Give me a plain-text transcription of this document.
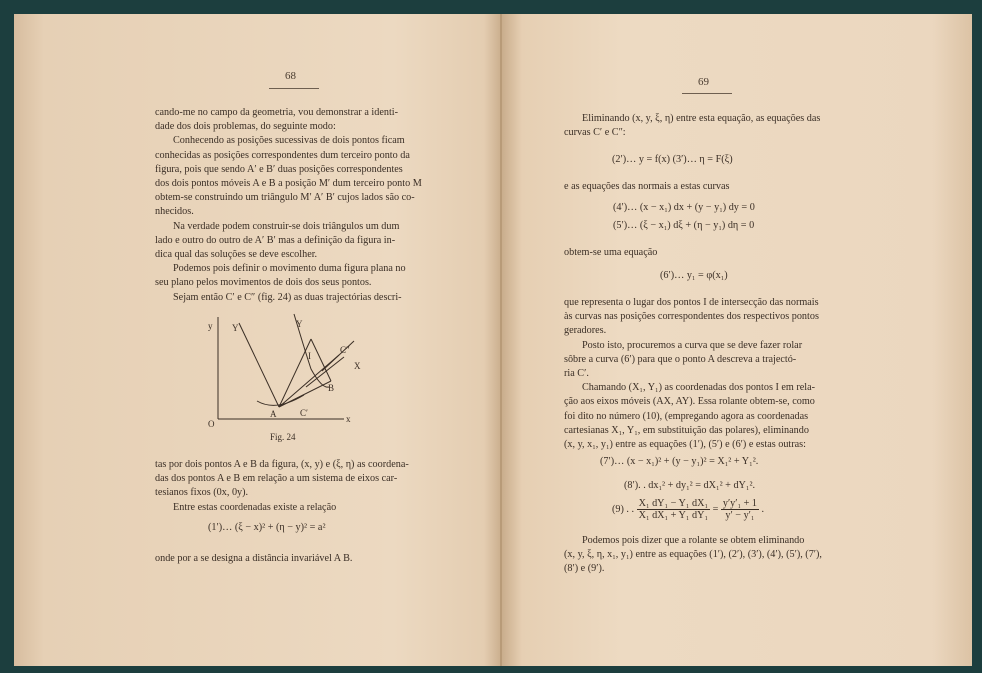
68
cando-me no campo da geometria, vou demonstrar a identi-
dade dos dois problemas, do seguinte modo:
Conhecendo as posições sucessivas de dois pontos ficam
conhecidas as posições correspondentes dum terceiro ponto da
figura, pois que sendo A′ e B′ duas posições correspondentes
dos dois pontos móveis A e B a posição M′ dum terceiro ponto M
obtem-se construindo um triângulo M′ A′ B′ cujos lados são co-
nhecidos.
Na verdade podem construir-se dois triângulos um dum
lado e outro do outro de A′ B′ mas a definição da figura in-
dica qual das soluções se deve escolher.
Podemos pois definir o movimento duma figura plana no
seu plano pelos movimentos de dois dos seus pontos.
Sejam então C′ e C″ (fig. 24) as duas trajectórias descri-
y Y	Y
I
C″
X
B
A	C′
O	x
Fig. 24
tas por dois pontos A e B da figura, (x, y) e (ξ, η) as coordena-
das dos pontos A e B em relação a um sistema de eixos car-
tesianos fixos (0x, 0y).
Entre estas coordenadas existe a relação
(1′)… (ξ − x)² + (η − y)² = a²
onde por a se designa a distância invariável A B.
69
Eliminando (x, y, ξ, η) entre esta equação, as equações das
curvas C′ e C″:
(2′)… y = f(x) (3′)… η = F(ξ)
e as equações das normais a estas curvas
(4′)… (x − x₁) dx + (y − y₁) dy = 0
(5′)… (ξ − x₁) dξ + (η − y₁) dη = 0
obtem-se uma equação
(6′)… y₁ = φ(x₁)
que representa o lugar dos pontos I de intersecção das normais
às curvas nas posições correspondentes dos respectivos pontos
geradores.
Posto isto, procuremos a curva que se deve fazer rolar
sôbre a curva (6′) para que o ponto A descreva a trajectó-
ria C′.
Chamando (X₁, Y₁) as coordenadas dos pontos I em rela-
ção aos eixos móveis (AX, AY). Essa rolante obtem-se, como
foi dito no número (10), (empregando agora as coordenadas
cartesianas X₁, Y₁, em substituição das polares), eliminando
(x, y, x₁, y₁) entre as equações (1′), (5′) e (6′) e estas outras:
(7′)… (x − x₁)² + (y − y₁)² = X₁² + Y₁².
(8′). . dx₁² + dy₁² = dX₁² + dY₁².
(9) . . $\frac{\text{X₁ dY₁ − Y₁ dX₁}}{\text{X₁ dX₁ + Y₁ dY₁}} = \frac{\text{y′y′₁ + 1}}{\text{y′ − y′₁}}$ .
Podemos pois dizer que a rolante se obtem eliminando
(x, y, ξ, η, x₁, y₁) entre as equações (1′), (2′), (3′), (4′), (5′), (7′),
(8′) e (9′).
